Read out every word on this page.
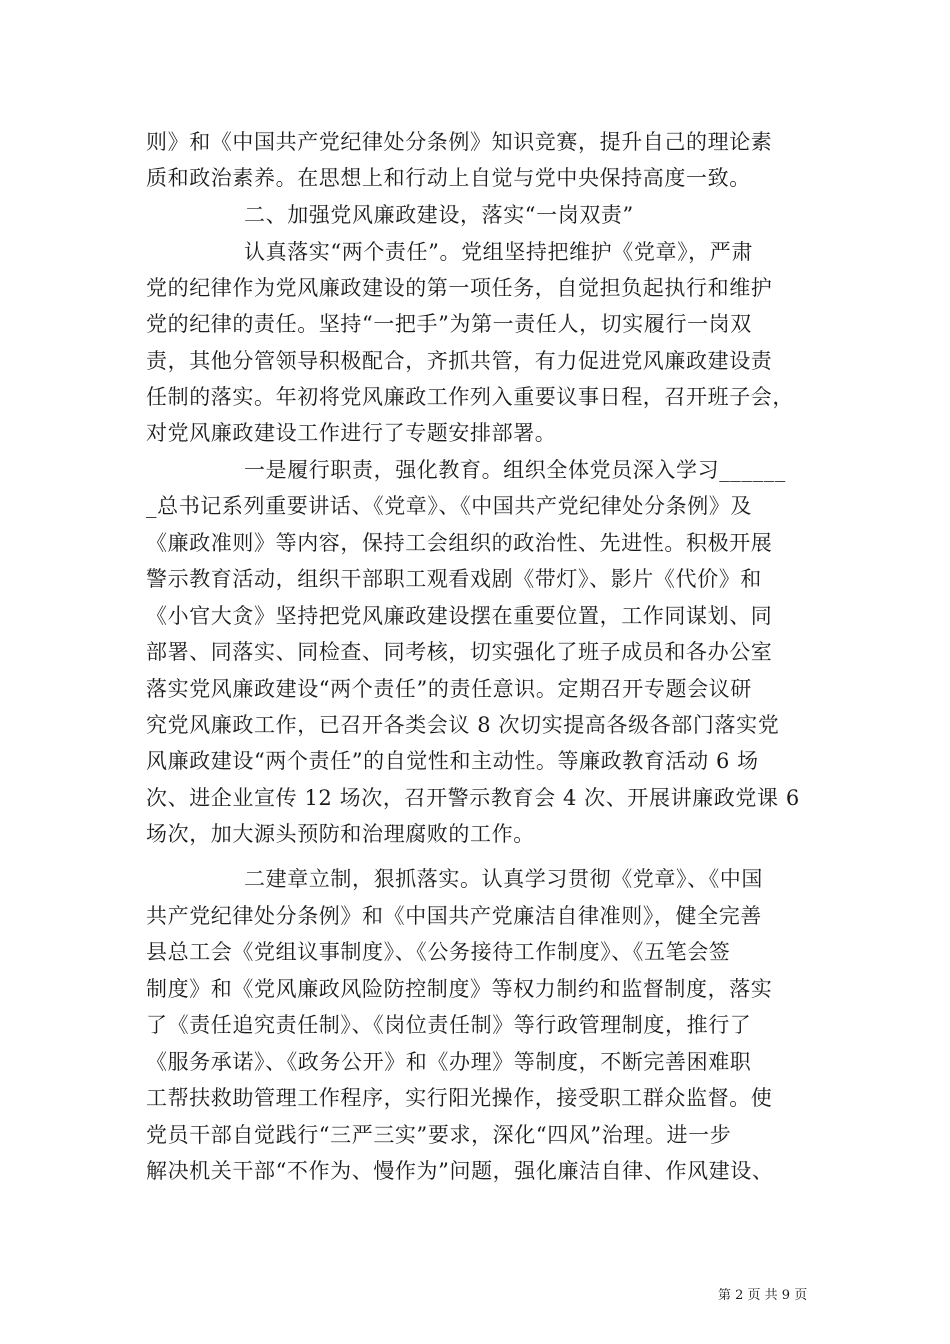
则》和《中国共产党纪律处分条例》知识竞赛，提升自己的理论素
质和政治素养。在思想上和行动上自觉与党中央保持高度一致。
二、加强党风廉政建设，落实“一岗双责”
认真落实“两个责任”。党组坚持把维护《党章》，严肃
党的纪律作为党风廉政建设的第一项任务，自觉担负起执行和维护
党的纪律的责任。坚持“一把手”为第一责任人，切实履行一岗双
责，其他分管领导积极配合，齐抓共管，有力促进党风廉政建设责
任制的落实。年初将党风廉政工作列入重要议事日程，召开班子会，
对党风廉政建设工作进行了专题安排部署。
一是履行职责，强化教育。组织全体党员深入学习______
_总书记系列重要讲话、《党章》、《中国共产党纪律处分条例》及
《廉政准则》等内容，保持工会组织的政治性、先进性。积极开展
警示教育活动，组织干部职工观看戏剧《带灯》、影片《代价》和
《小官大贪》坚持把党风廉政建设摆在重要位置，工作同谋划、同
部署、同落实、同检查、同考核，切实强化了班子成员和各办公室
落实党风廉政建设“两个责任”的责任意识。定期召开专题会议研
究党风廉政工作，已召开各类会议 8 次切实提高各级各部门落实党
风廉政建设“两个责任”的自觉性和主动性。等廉政教育活动 6 场
次、进企业宣传 12 场次，召开警示教育会 4 次、开展讲廉政党课 6
场次，加大源头预防和治理腐败的工作。
二建章立制，狠抓落实。认真学习贯彻《党章》、《中国
共产党纪律处分条例》和《中国共产党廉洁自律准则》，健全完善
县总工会《党组议事制度》、《公务接待工作制度》、《五笔会签
制度》和《党风廉政风险防控制度》等权力制约和监督制度，落实
了《责任追究责任制》、《岗位责任制》等行政管理制度，推行了
《服务承诺》、《政务公开》和《办理》等制度，不断完善困难职
工帮扶救助管理工作程序，实行阳光操作，接受职工群众监督。使
党员干部自觉践行“三严三实”要求，深化“四风”治理。进一步
解决机关干部“不作为、慢作为”问题，强化廉洁自律、作风建设、
第 2 页 共 9 页
